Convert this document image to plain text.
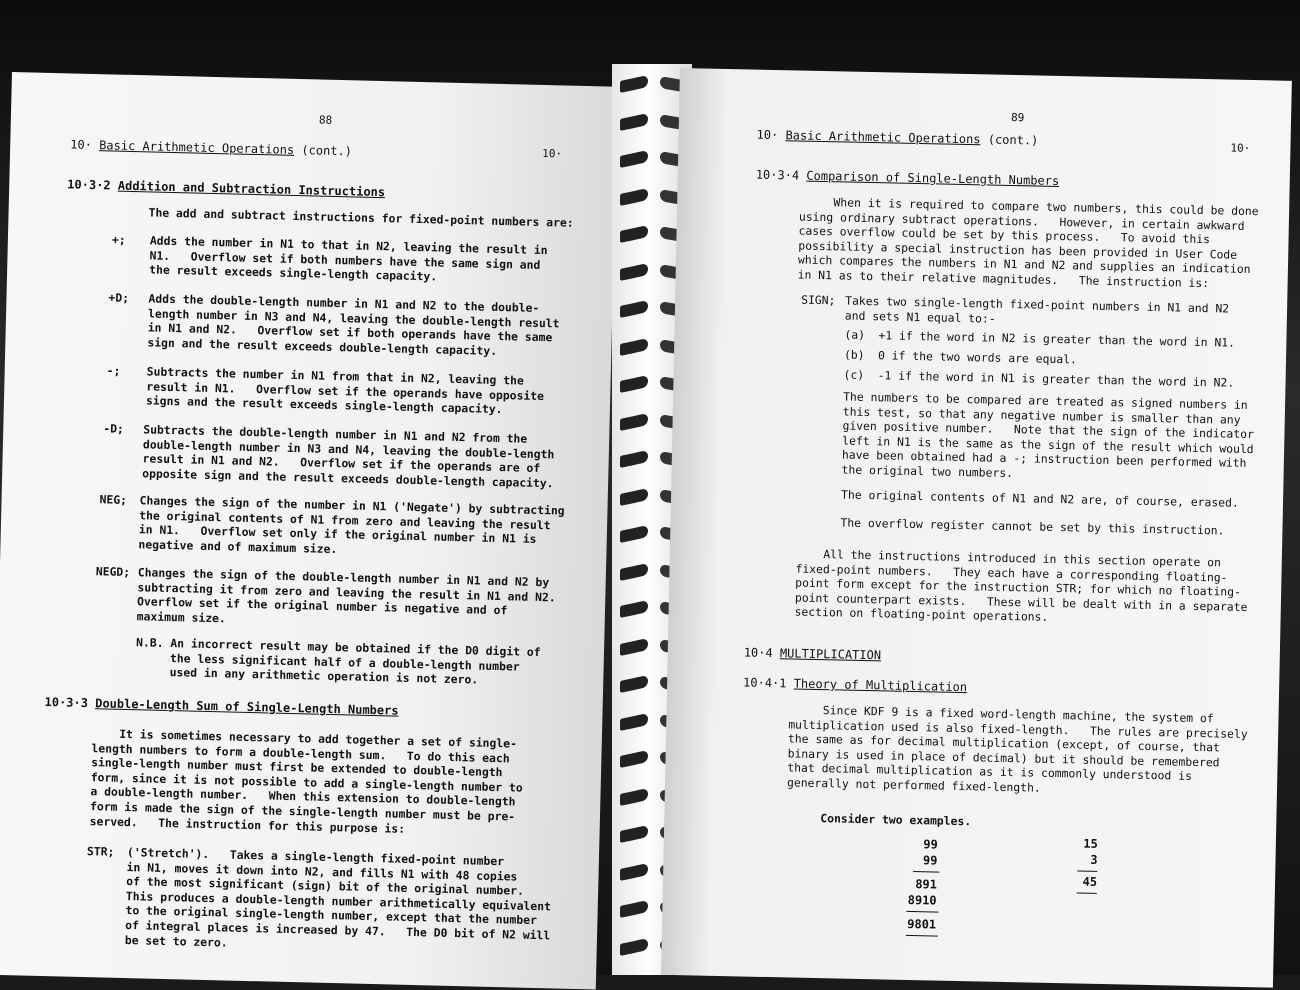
88
10· Basic Arithmetic Operations (cont.)	10·
10·3·2 Addition and Subtraction Instructions
The add and subtract instructions for fixed-point numbers are:
+; Adds the number in N1 to that in N2, leaving the result in
N1.   Overflow set if both numbers have the same sign and
the result exceeds single-length capacity.
+D; Adds the double-length number in N1 and N2 to the double-
length number in N3 and N4, leaving the double-length result
in N1 and N2.   Overflow set if both operands have the same
sign and the result exceeds double-length capacity.
-; Subtracts the number in N1 from that in N2, leaving the
result in N1.   Overflow set if the operands have opposite
signs and the result exceeds single-length capacity.
-D; Subtracts the double-length number in N1 and N2 from the
double-length number in N3 and N4, leaving the double-length
result in N1 and N2.   Overflow set if the operands are of
opposite sign and the result exceeds double-length capacity.
NEG; Changes the sign of the number in N1 ('Negate') by subtracting
the original contents of N1 from zero and leaving the result
in N1.   Overflow set only if the original number in N1 is
negative and of maximum size.
NEGD; Changes the sign of the double-length number in N1 and N2 by
subtracting it from zero and leaving the result in N1 and N2.
Overflow set if the original number is negative and of
maximum size.
N.B. An incorrect result may be obtained if the D0 digit of
the less significant half of a double-length number
used in any arithmetic operation is not zero.
10·3·3 Double-Length Sum of Single-Length Numbers
It is sometimes necessary to add together a set of single-
length numbers to form a double-length sum.   To do this each
single-length number must first be extended to double-length
form, since it is not possible to add a single-length number to
a double-length number.   When this extension to double-length
form is made the sign of the single-length number must be pre-
served.   The instruction for this purpose is:
STR; ('Stretch').   Takes a single-length fixed-point number
in N1, moves it down into N2, and fills N1 with 48 copies
of the most significant (sign) bit of the original number.
This produces a double-length number arithmetically equivalent
to the original single-length number, except that the number
of integral places is increased by 47.   The D0 bit of N2 will
be set to zero.
89
10· Basic Arithmetic Operations (cont.)
10·
10·3·4 Comparison of Single-Length Numbers
When it is required to compare two numbers, this could be done
using ordinary subtract operations.   However, in certain awkward
cases overflow could be set by this process.   To avoid this
possibility a special instruction has been provided in User Code
which compares the numbers in N1 and N2 and supplies an indication
in N1 as to their relative magnitudes.   The instruction is:
SIGN; Takes two single-length fixed-point numbers in N1 and N2
and sets N1 equal to:-
(a) +1 if the word in N2 is greater than the word in N1.
(b) 0 if the two words are equal.
(c) -1 if the word in N1 is greater than the word in N2.
The numbers to be compared are treated as signed numbers in
this test, so that any negative number is smaller than any
given positive number.   Note that the sign of the indicator
left in N1 is the same as the sign of the result which would
have been obtained had a -; instruction been performed with
the original two numbers.
The original contents of N1 and N2 are, of course, erased.
The overflow register cannot be set by this instruction.
All the instructions introduced in this section operate on
fixed-point numbers.   They each have a corresponding floating-
point form except for the instruction STR; for which no floating-
point counterpart exists.   These will be dealt with in a separate
section on floating-point operations.
10·4 MULTIPLICATION
10·4·1 Theory of Multiplication
Since KDF 9 is a fixed word-length machine, the system of
multiplication used is also fixed-length.   The rules are precisely
the same as for decimal multiplication (except, of course, that
binary is used in place of decimal) but it should be remembered
that decimal multiplication as it is commonly understood is
generally not performed fixed-length.
Consider two examples.
99
99
891
8910
9801
15
3
45
